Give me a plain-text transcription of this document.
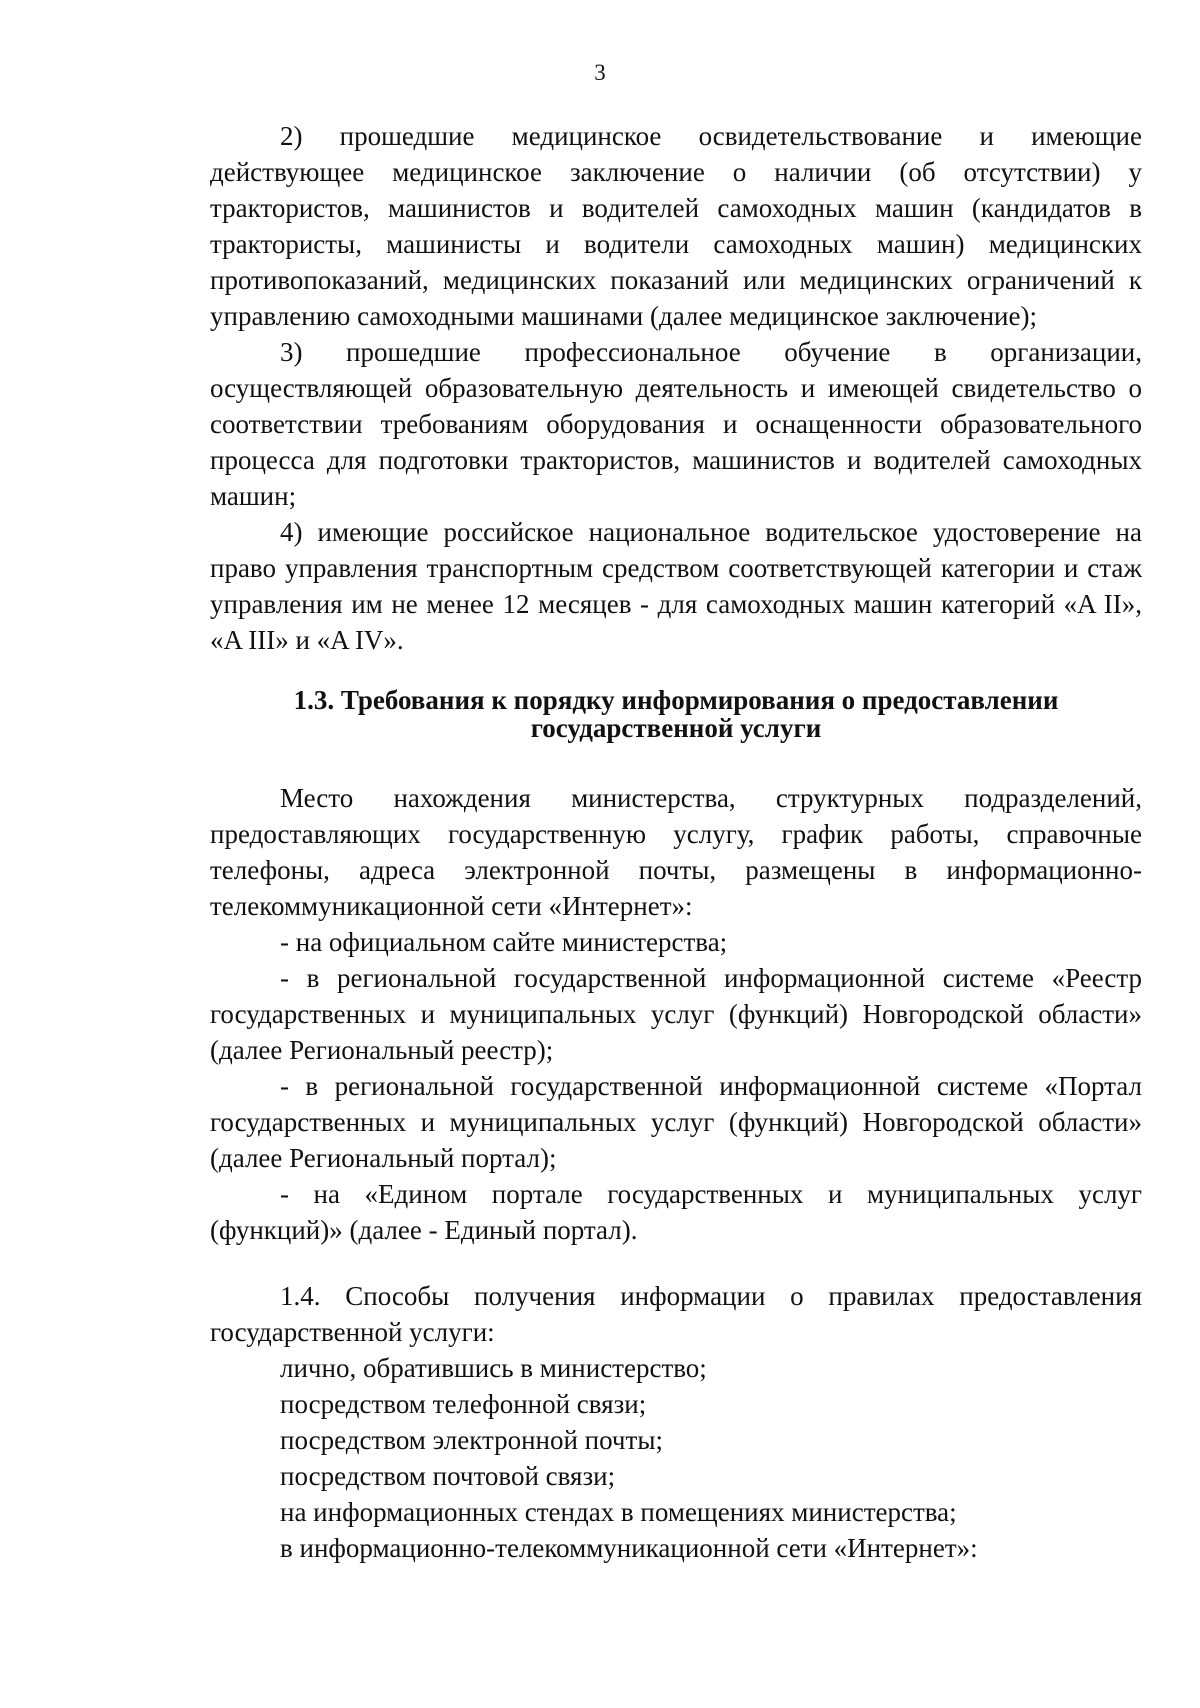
3

2) прошедшие медицинское освидетельствование и имеющие действующее медицинское заключение о наличии (об отсутствии) у трактористов, машинистов и водителей самоходных машин (кандидатов в трактористы, машинисты и водители самоходных машин) медицинских противопоказаний, медицинских показаний или медицинских ограничений к управлению самоходными машинами (далее медицинское заключение);

3) прошедшие профессиональное обучение в организации, осуществляющей образовательную деятельность и имеющей свидетельство о соответствии требованиям оборудования и оснащенности образовательного процесса для подготовки трактористов, машинистов и водителей самоходных машин;

4) имеющие российское национальное водительское удостоверение на право управления транспортным средством соответствующей категории и стаж управления им не менее 12 месяцев - для самоходных машин категорий «A II», «A III» и «A IV».

1.3. Требования к порядку информирования о предоставлении
государственной услуги

Место нахождения министерства, структурных подразделений, предоставляющих государственную услугу, график работы, справочные телефоны, адреса электронной почты, размещены в информационно-телекоммуникационной сети «Интернет»:

- на официальном сайте министерства;

- в региональной государственной информационной системе «Реестр государственных и муниципальных услуг (функций) Новгородской области» (далее Региональный реестр);

- в региональной государственной информационной системе «Портал государственных и муниципальных услуг (функций) Новгородской области» (далее Региональный портал);

- на «Едином портале государственных и муниципальных услуг (функций)» (далее - Единый портал).

1.4. Способы получения информации о правилах предоставления государственной услуги:

лично, обратившись в министерство;

посредством телефонной связи;

посредством электронной почты;

посредством почтовой связи;

на информационных стендах в помещениях министерства;

в информационно-телекоммуникационной сети «Интернет»:
